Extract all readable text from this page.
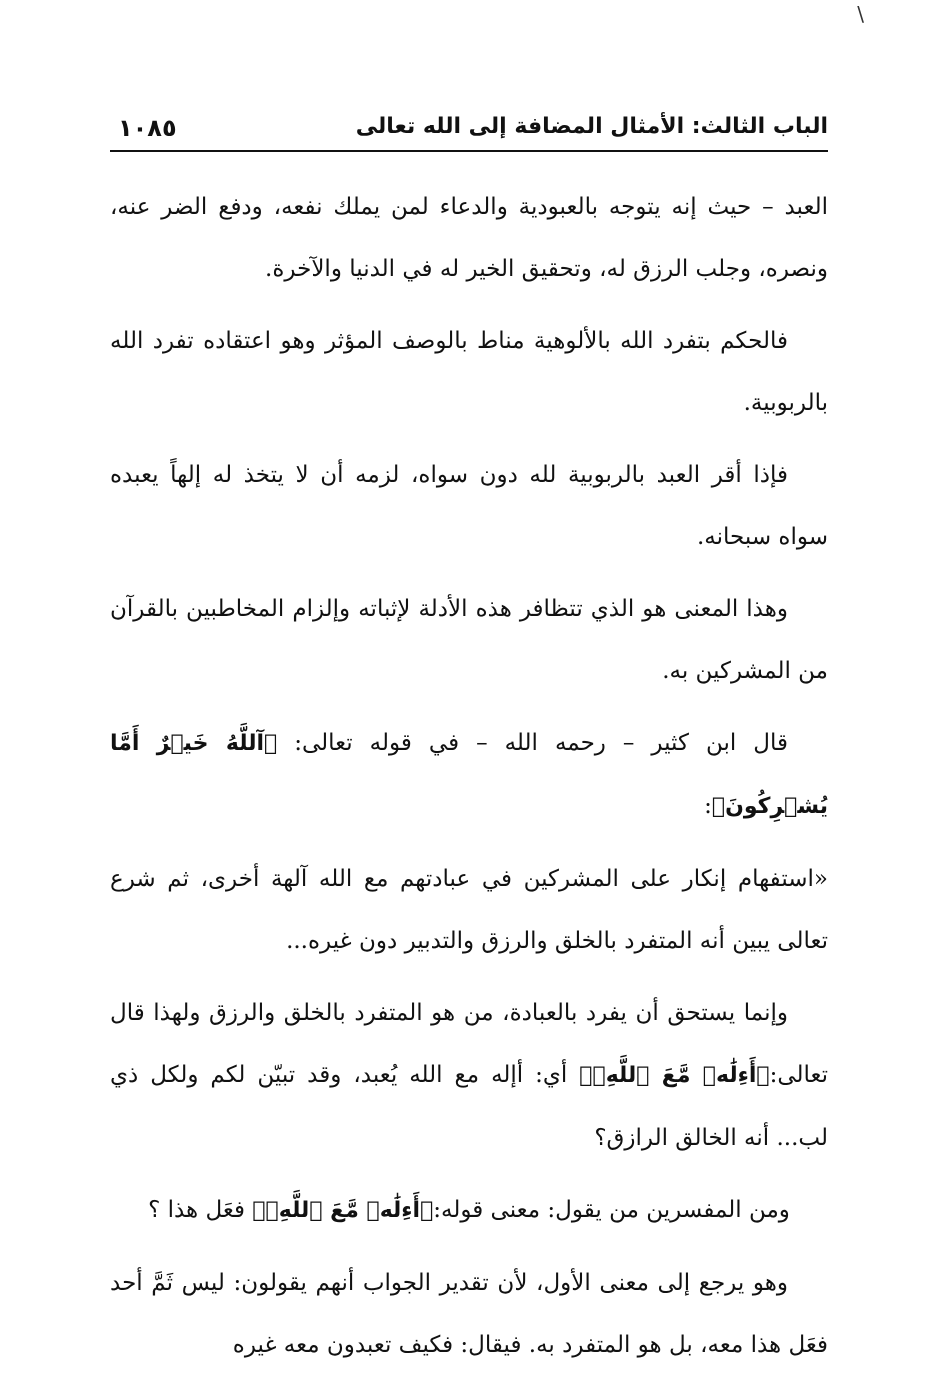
\
الباب الثالث: الأمثال المضافة إلى الله تعالى
١٠٨٥

العبد – حيث إنه يتوجه بالعبودية والدعاء لمن يملك نفعه، ودفع الضر عنه، ونصره، وجلب الرزق له، وتحقيق الخير له في الدنيا والآخرة.

فالحكم بتفرد الله بالألوهية مناط بالوصف المؤثر وهو اعتقاده تفرد الله بالربوبية.

فإذا أقر العبد بالربوبية لله دون سواه، لزمه أن لا يتخذ له إلهاً يعبده سواه سبحانه.

وهذا المعنى هو الذي تتظافر هذه الأدلة لإثباته وإلزام المخاطبين بالقرآن من المشركين به.

قال ابن كثير – رحمه الله – في قوله تعالى: ﴿آللَّهُ خَيۡرٌ أَمَّا يُشۡرِكُونَ﴾:

«استفهام إنكار على المشركين في عبادتهم مع الله آلهة أخرى، ثم شرع تعالى يبين أنه المتفرد بالخلق والرزق والتدبير دون غيره...

وإنما يستحق أن يفرد بالعبادة، من هو المتفرد بالخلق والرزق ولهذا قال تعالى:﴿أَءِلَٰهٞ مَّعَ ٱللَّهِۚ﴾ أي: أإله مع الله يُعبد، وقد تبيّن لكم ولكل ذي لب... أنه الخالق الرازق؟

ومن المفسرين من يقول: معنى قوله:﴿أَءِلَٰهٞ مَّعَ ٱللَّهِۚ﴾ فعَل هذا ؟

وهو يرجع إلى معنى الأول، لأن تقدير الجواب أنهم يقولون: ليس ثَمَّ أحد فعَل هذا معه، بل هو المتفرد به. فيقال: فكيف تعبدون معه غيره
